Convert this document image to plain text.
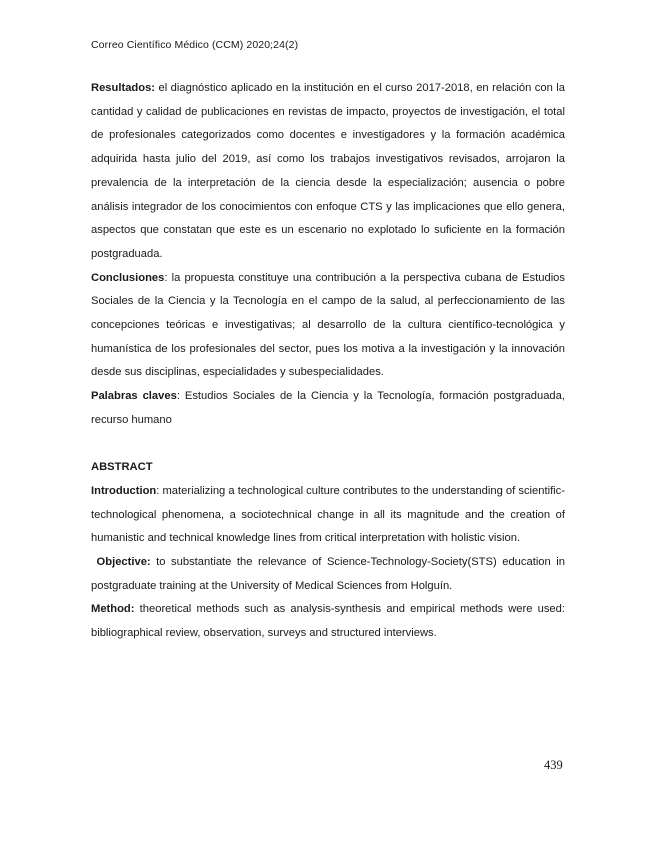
Correo Científico Médico (CCM) 2020;24(2)

Resultados: el diagnóstico aplicado en la institución en el curso 2017-2018, en relación con la cantidad y calidad de publicaciones en revistas de impacto, proyectos de investigación, el total de profesionales categorizados como docentes e investigadores y la formación académica adquirida hasta julio del 2019, así como los trabajos investigativos revisados, arrojaron la prevalencia de la interpretación de la ciencia desde la especialización; ausencia o pobre análisis integrador de los conocimientos con enfoque CTS y las implicaciones que ello genera, aspectos que constatan que este es un escenario no explotado lo suficiente en la formación postgraduada.

Conclusiones: la propuesta constituye una contribución a la perspectiva cubana de Estudios Sociales de la Ciencia y la Tecnología en el campo de la salud, al perfeccionamiento de las concepciones teóricas e investigativas; al desarrollo de la cultura científico-tecnológica y humanística de los profesionales del sector, pues los motiva a la investigación y la innovación desde sus disciplinas, especialidades y subespecialidades.

Palabras claves: Estudios Sociales de la Ciencia y la Tecnología, formación postgraduada, recurso humano

ABSTRACT

Introduction: materializing a technological culture contributes to the understanding of scientific-technological phenomena, a sociotechnical change in all its magnitude and the creation of humanistic and technical knowledge lines from critical interpretation with holistic vision.

Objective: to substantiate the relevance of Science-Technology-Society(STS) education in postgraduate training at the University of Medical Sciences from Holguín.

Method: theoretical methods such as analysis-synthesis and empirical methods were used: bibliographical review, observation, surveys and structured interviews.

439
